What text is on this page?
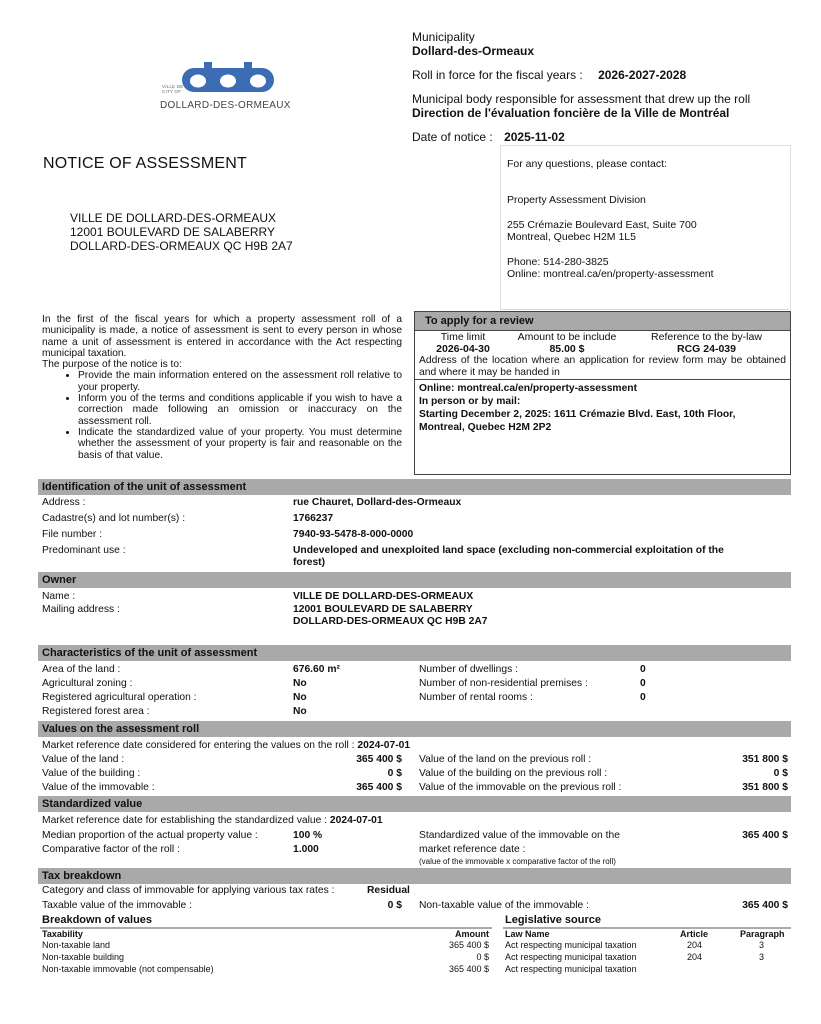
VILLE DE
CITY OF
DOLLARD-DES-ORMEAUX
Municipality
Dollard-des-Ormeaux
Roll in force for the fiscal years : 2026-2027-2028
Municipal body responsible for assessment that drew up the roll
Direction de l'évaluation foncière de la Ville de Montréal
Date of notice : 2025-11-02
NOTICE OF ASSESSMENT
VILLE DE DOLLARD-DES-ORMEAUX
12001 BOULEVARD DE SALABERRY
DOLLARD-DES-ORMEAUX QC H9B 2A7

For any questions, please contact:

Property Assessment Division

255 Crémazie Boulevard East, Suite 700
Montreal, Quebec H2M 1L5

Phone: 514-280-3825
Online: montreal.ca/en/property-assessment

In the first of the fiscal years for which a property assessment roll of a municipality is made, a notice of assessment is sent to every person in whose name a unit of assessment is entered in accordance with the Act respecting municipal taxation.
The purpose of the notice is to:
• Provide the main information entered on the assessment roll relative to your property.
• Inform you of the terms and conditions applicable if you wish to have a correction made following an omission or inaccuracy on the assessment roll.
• Indicate the standardized value of your property. You must determine whether the assessment of your property is fair and reasonable on the basis of that value.
To apply for a review
Time limit	Amount to be include	Reference to the by-law
2026-04-30	85.00 $	RCG 24-039
Address of the location where an application for review form may be obtained and where it may be handed in
Online: montreal.ca/en/property-assessment
In person or by mail:
Starting December 2, 2025: 1611 Crémazie Blvd. East, 10th Floor,
Montreal, Quebec H2M 2P2
Identification of the unit of assessment
Address :	rue Chauret, Dollard-des-Ormeaux
Cadastre(s) and lot number(s) :	1766237
File number :	7940-93-5478-8-000-0000
Predominant use :	Undeveloped and unexploited land space (excluding non-commercial exploitation of the
forest)
Owner
Name :	VILLE DE DOLLARD-DES-ORMEAUX
Mailing address :	12001 BOULEVARD DE SALABERRY
DOLLARD-DES-ORMEAUX QC H9B 2A7
Characteristics of the unit of assessment
Area of the land :	676.60 m²
Agricultural zoning :	No
Registered agricultural operation :	No
Registered forest area :	No
Number of dwellings :	0
Number of non-residential premises :	0
Number of rental rooms :	0
Values on the assessment roll
Market reference date considered for entering the values on the roll : 2024-07-01
Value of the land :	365 400 $
Value of the building :	0 $
Value of the immovable :	365 400 $
Value of the land on the previous roll :	351 800 $
Value of the building on the previous roll :	0 $
Value of the immovable on the previous roll :	351 800 $
Standardized value
Market reference date for establishing the standardized value : 2024-07-01
Median proportion of the actual property value :	100 %
Comparative factor of the roll :	1.000
Standardized value of the immovable on the
market reference date :
(value of the immovable x comparative factor of the roll)
365 400 $
Tax breakdown
Category and class of immovable for applying various tax rates :	Residual
Taxable value of the immovable :	0 $ Non-taxable value of the immovable :	365 400 $
Breakdown of values
Taxability	Amount
Non-taxable land	365 400 $
Non-taxable building	0 $
Non-taxable immovable (not compensable)	365 400 $
Legislative source
Law Name	Article	Paragraph
Act respecting municipal taxation	204	3
Act respecting municipal taxation	204	3
Act respecting municipal taxation
